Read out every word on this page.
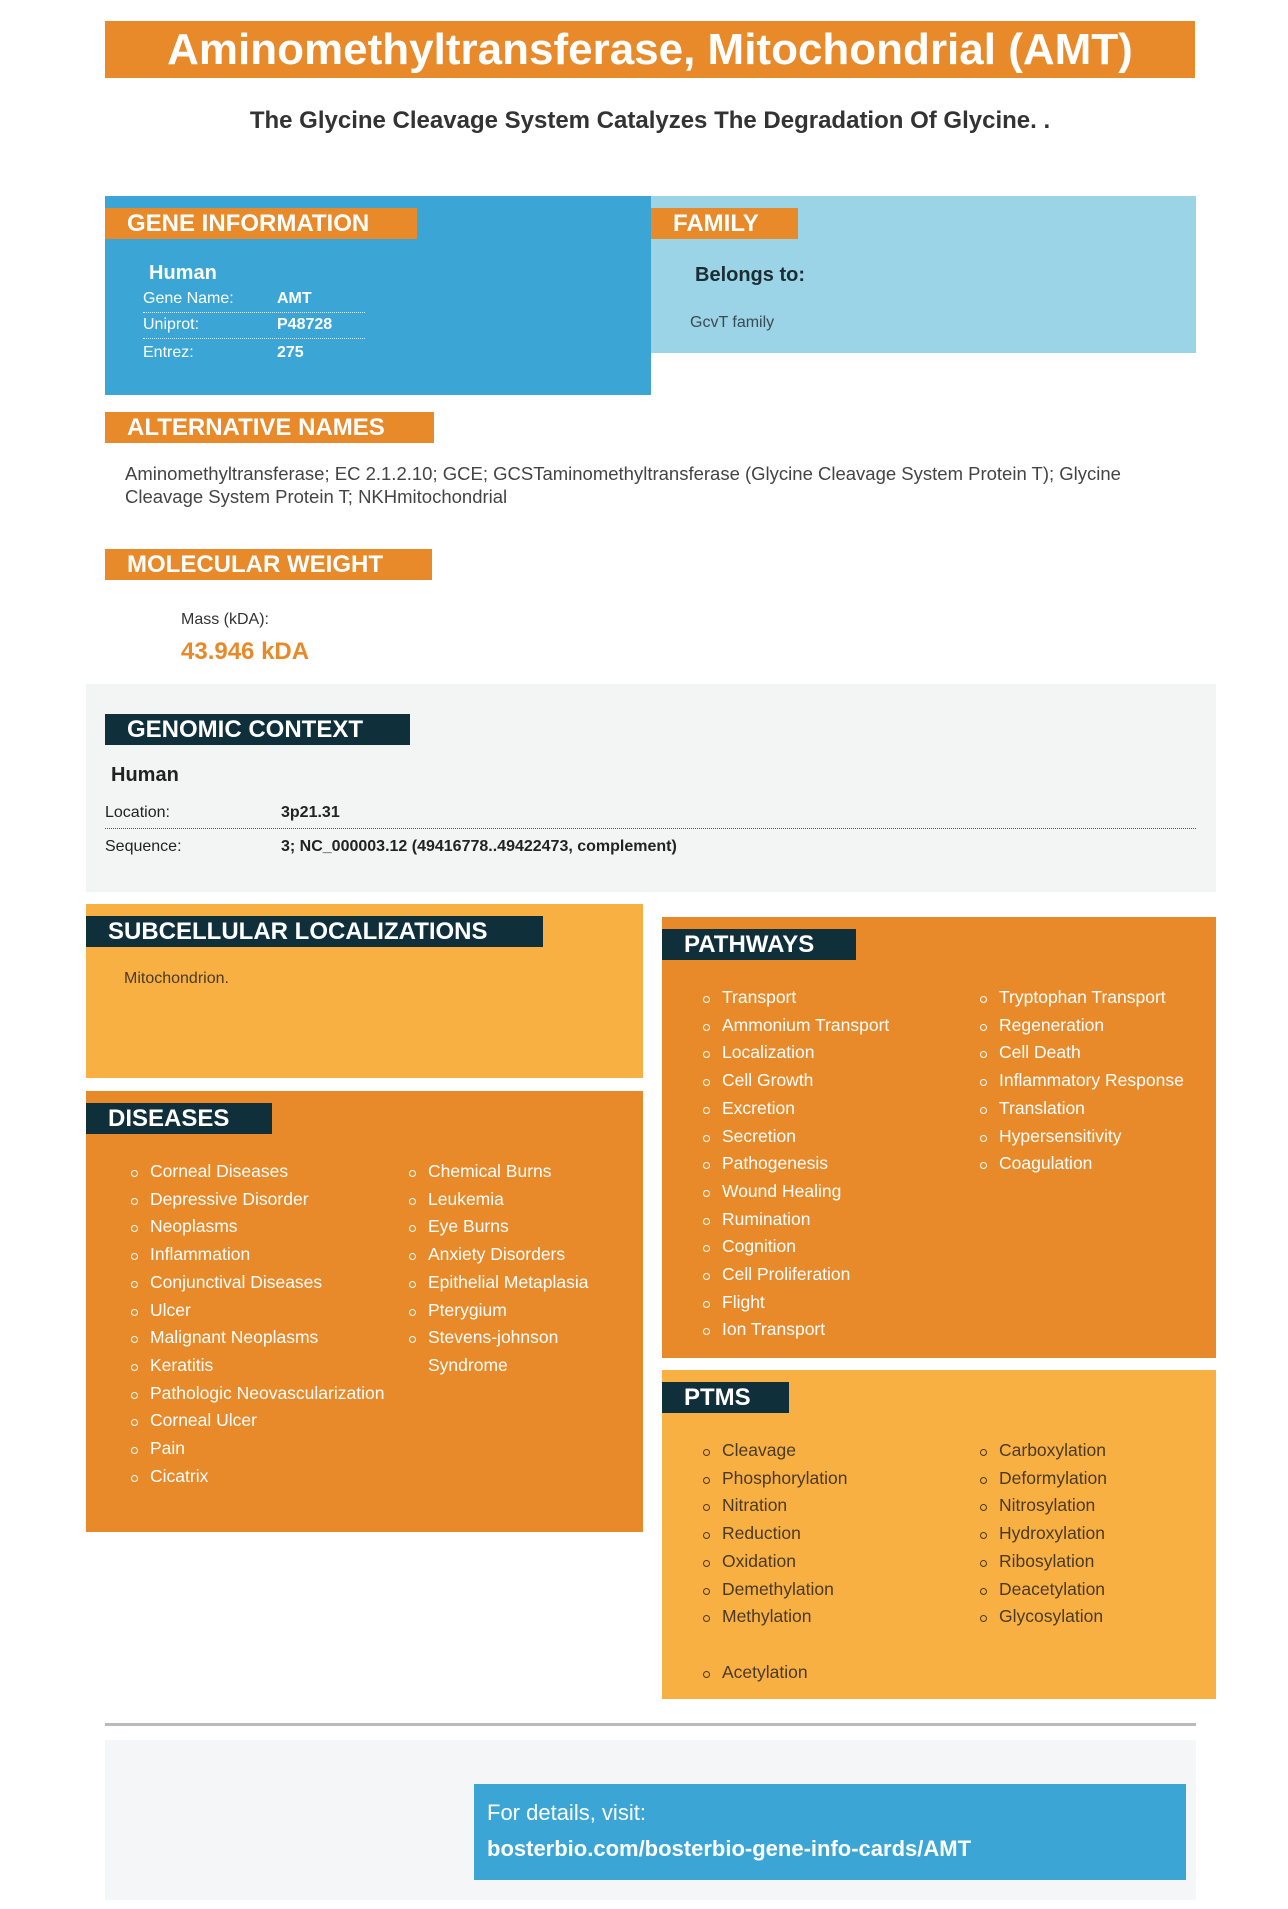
Aminomethyltransferase, Mitochondrial (AMT)
The Glycine Cleavage System Catalyzes The Degradation Of Glycine. .
GENE INFORMATION
Human
Gene Name:	AMT
Uniprot:	P48728
Entrez:	275
FAMILY
Belongs to:
GcvT family
ALTERNATIVE NAMES
Aminomethyltransferase; EC 2.1.2.10; GCE; GCSTaminomethyltransferase (Glycine Cleavage System Protein T); Glycine Cleavage System Protein T; NKHmitochondrial
MOLECULAR WEIGHT
Mass (kDA):
43.946 kDA
GENOMIC CONTEXT
Human
Location:	3p21.31
Sequence:	3; NC_000003.12 (49416778..49422473, complement)
SUBCELLULAR LOCALIZATIONS
Mitochondrion.
DISEASES
Corneal Diseases
Depressive Disorder
Neoplasms
Inflammation
Conjunctival Diseases
Ulcer
Malignant Neoplasms
Keratitis
Pathologic Neovascularization
Corneal Ulcer
Pain
Cicatrix
Chemical Burns
Leukemia
Eye Burns
Anxiety Disorders
Epithelial Metaplasia
Pterygium
Stevens-johnson Syndrome
PATHWAYS
Transport
Ammonium Transport
Localization
Cell Growth
Excretion
Secretion
Pathogenesis
Wound Healing
Rumination
Cognition
Cell Proliferation
Flight
Ion Transport
Tryptophan Transport
Regeneration
Cell Death
Inflammatory Response
Translation
Hypersensitivity
Coagulation
PTMS
Cleavage
Phosphorylation
Nitration
Reduction
Oxidation
Demethylation
Methylation
Acetylation
Carboxylation
Deformylation
Nitrosylation
Hydroxylation
Ribosylation
Deacetylation
Glycosylation
For details, visit:
bosterbio.com/bosterbio-gene-info-cards/AMT
